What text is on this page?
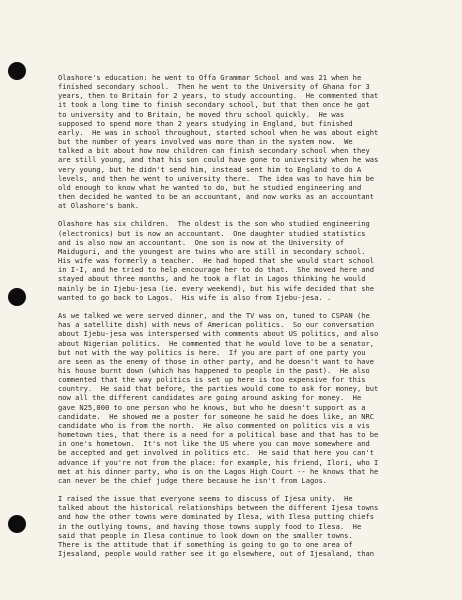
Olashore's education: he went to Offa Grammar School and was 21 when he
finished secondary school.  Then he went to the University of Ghana for 3
years, then to Britain for 2 years, to study accounting.  He commented that
it took a long time to finish secondary school, but that then once he got
to university and to Britain, he moved thru school quickly.  He was
supposed to spend more than 2 years studying in England, but finished
early.  He was in school throughout, started school when he was about eight
but the number of years involved was more than in the system now.  We
talked a bit about how now children can finish secondary school when they
are still young, and that his son could have gone to university when he was
very young, but he didn't send him, instead sent him to England to do A
levels, and then he went to university there.  The idea was to have him be
old enough to know what he wanted to do, but he studied engineering and
then decided he wanted to be an accountant, and now works as an accountant
at Olashore's bank.
Olashore has six children.  The oldest is the son who studied engineering
(electronics) but is now an accountant.  One daughter studied statistics
and is also now an accountant.  One son is now at the University of
Maiduguri, and the youngest are twins who are still in secondary school.
His wife was formerly a teacher.  He had hoped that she would start school
in I-I, and he tried to help encourage her to do that.  She moved here and
stayed about three months, and he took a flat in Lagos thinking he would
mainly be in Ijebu-jesa (ie. every weekend), but his wife decided that she
wanted to go back to Lagos.  His wife is also from Ijebu-jesa. .
As we talked we were served dinner, and the TV was on, tuned to CSPAN (he
has a satellite dish) with news of American politics.  So our conversation
about Ijebu-jesa was interspersed with comments about US politics, and also
about Nigerian politics.  He commented that he would love to be a senator,
but not with the way politics is here.  If you are part of one party you
are seen as the enemy of those in other party, and he doesn't want to have
his house burnt down (which has happened to people in the past).  He also
commented that the way politics is set up here is too expensive for this
country.  He said that before, the parties would come to ask for money, but
now all the different candidates are going around asking for money.  He
gave N25,000 to one person who he knows, but who he doesn't support as a
candidate.  He showed me a poster for someone he said he does like, an NRC
candidate who is from the north.  He also commented on politics vis a vis
hometown ties, that there is a need for a political base and that has to be
in one's hometown.  It's not like the US where you can move somewhere and
be accepted and get involved in politics etc.  He said that here you can't
advance if you're not from the place: for example, his friend, Ilori, who I
met at his dinner party, who is on the Lagos High Court -- he knows that he
can never be the chief judge there because he isn't from Lagos.
I raised the issue that everyone seems to discuss of Ijesa unity.  He
talked about the historical relationships between the different Ijesa towns
and how the other towns were dominated by Ilesa, with Ilesa putting chiefs
in the outlying towns, and having those towns supply food to Ilesa.  He
said that people in Ilesa continue to look down on the smaller towns.
There is the attitude that if something is going to go to one area of
Ijesaland, people would rather see it go elsewhere, out of Ijesaland, than
